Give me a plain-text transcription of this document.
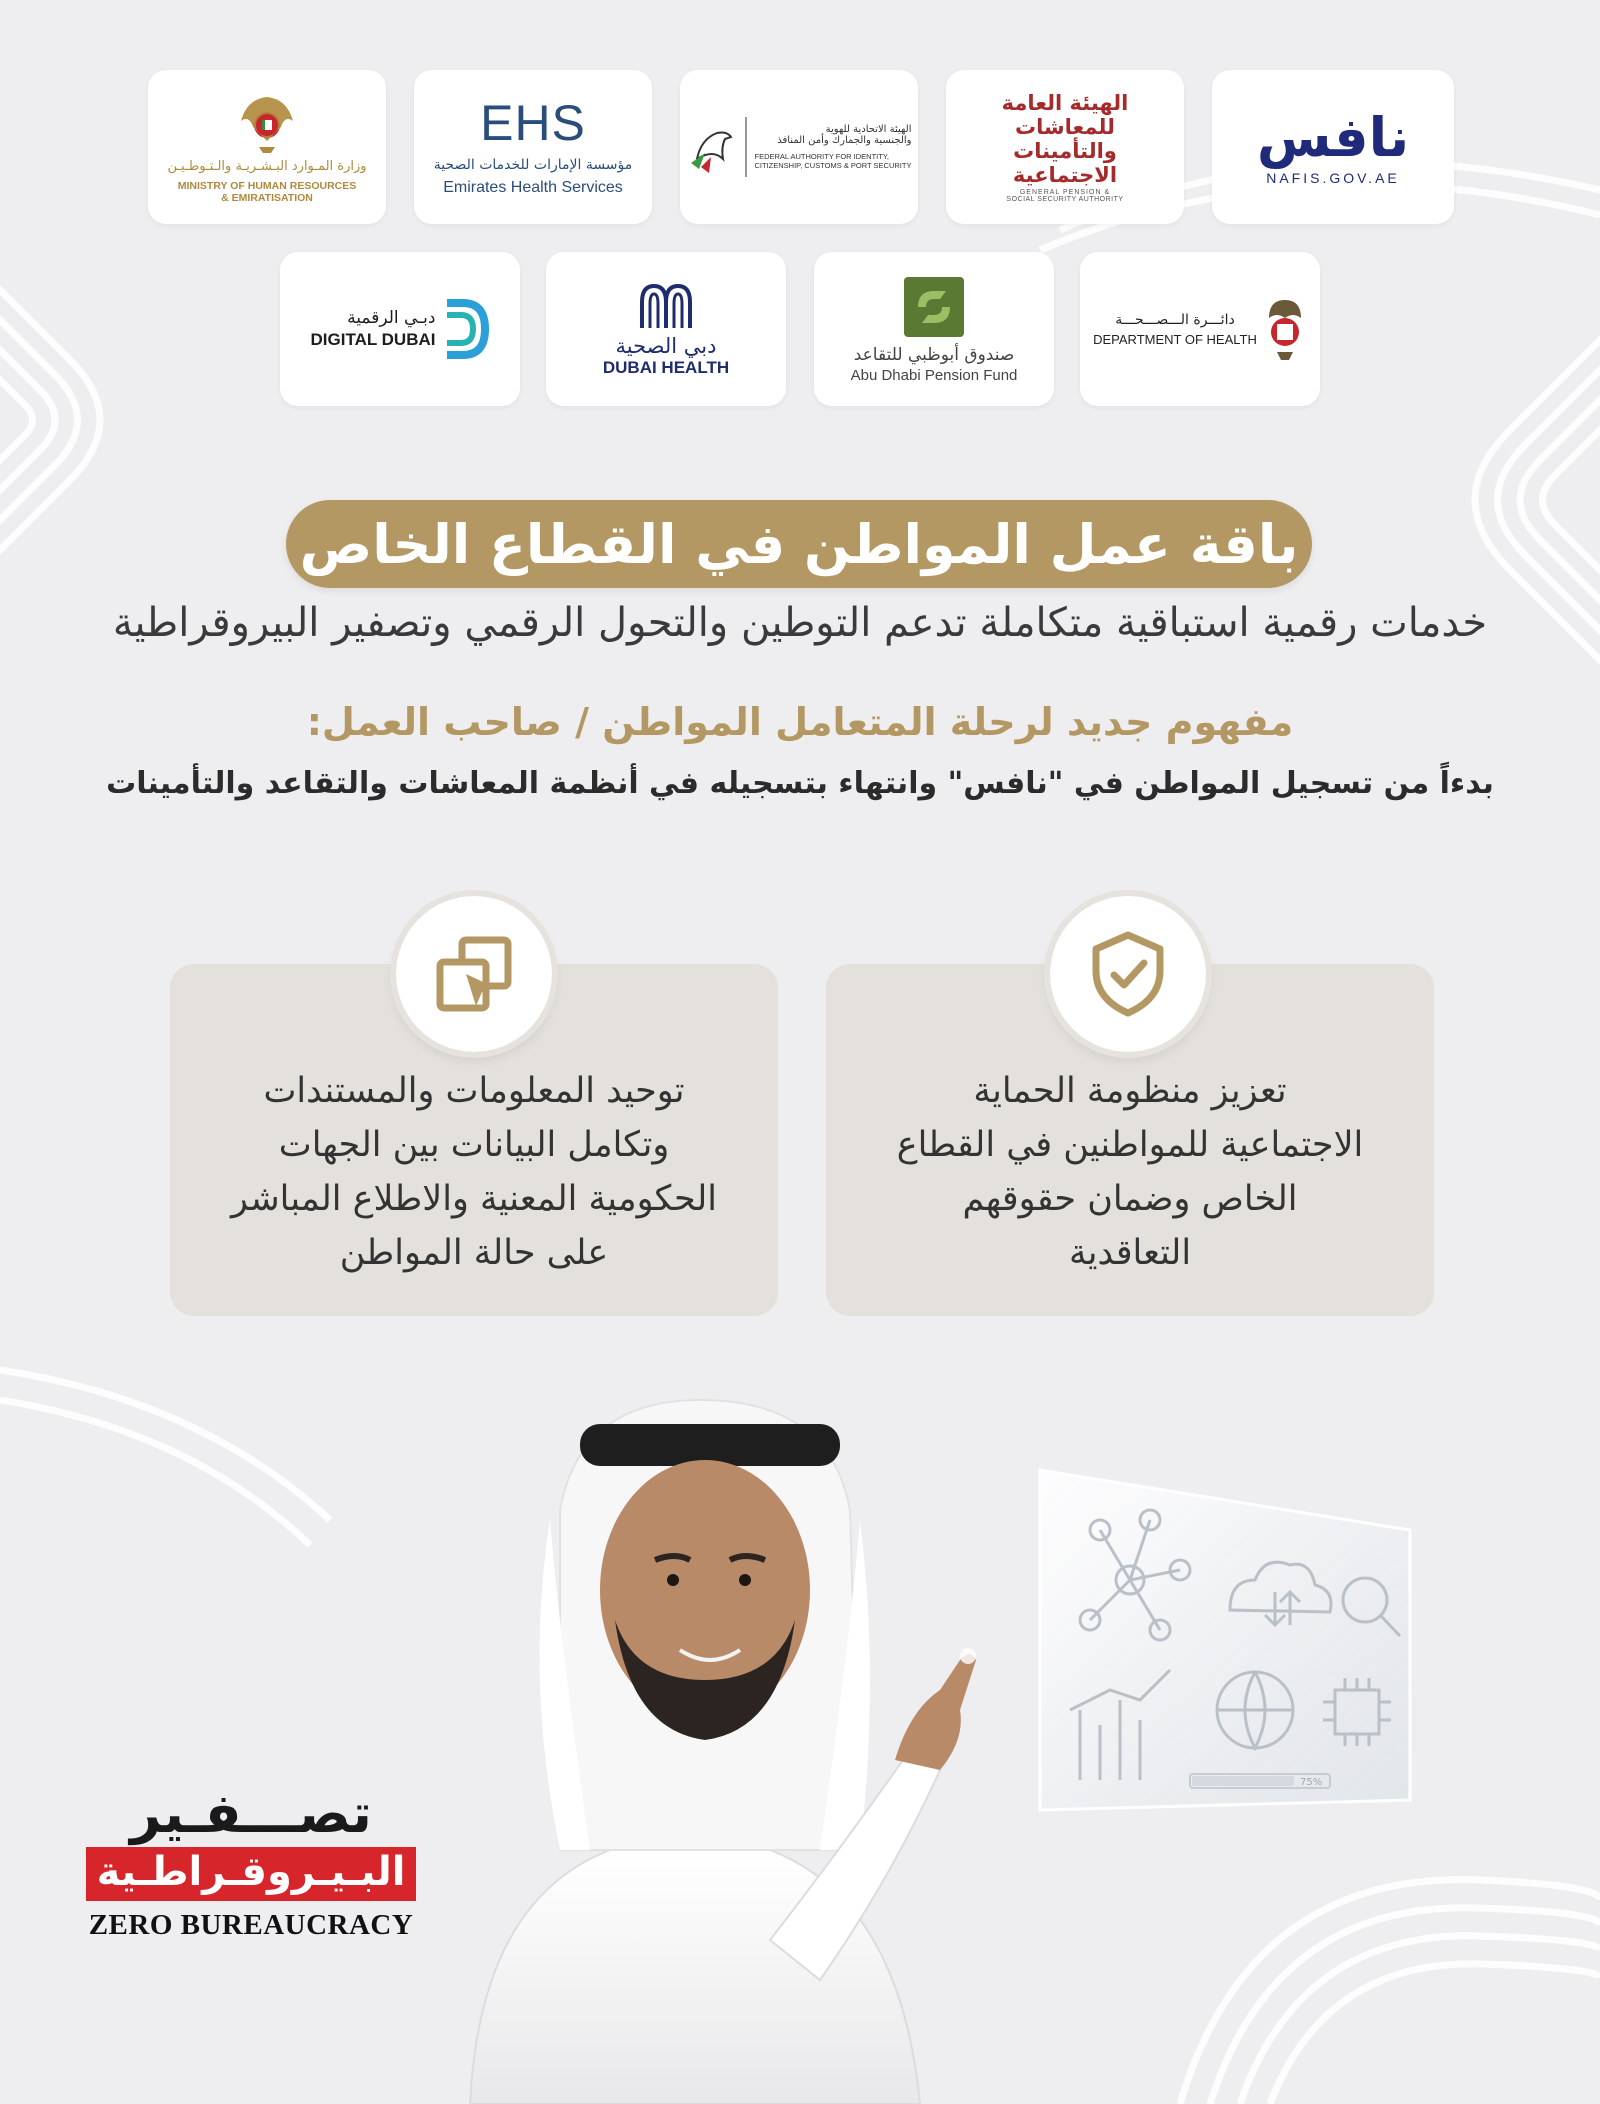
وزارة المـوارد البـشـريـة والـتـوطـيـن
MINISTRY OF HUMAN RESOURCES
& EMIRATISATION
EHS
مؤسسة الإمارات للخدمات الصحية
Emirates Health Services
الهيئة الاتحادية للهوية
والجنسية والجمارك وأمن المنافذ
FEDERAL AUTHORITY FOR IDENTITY,
CITIZENSHIP, CUSTOMS & PORT SECURITY
الهيئة العامة
للمعاشات
والتأمينات
الاجتماعية
GENERAL PENSION &
SOCIAL SECURITY AUTHORITY
نافس
NAFIS.GOV.AE
دبـي الرقمية
DIGITAL DUBAI	دبي الصحية
DUBAI HEALTH
صندوق أبوظبي للتقاعد
Abu Dhabi Pension Fund
دائـــرة الـــصـــحـــة
DEPARTMENT OF HEALTH
باقة عمل المواطن في القطاع الخاص
خدمات رقمية استباقية متكاملة تدعم التوطين والتحول الرقمي وتصفير البيروقراطية
مفهوم جديد لرحلة المتعامل المواطن / صاحب العمل:
بدءاً من تسجيل المواطن في "نافس" وانتهاء بتسجيله في أنظمة المعاشات والتقاعد والتأمينات
تعزيز منظومة الحماية
الاجتماعية للمواطنين في القطاع
الخاص وضمان حقوقهم
التعاقدية
توحيد المعلومات والمستندات
وتكامل البيانات بين الجهات
الحكومية المعنية والاطلاع المباشر
على حالة المواطن
75%
تصـــفـير
البـيـروقـراطـية
ZERO BUREAUCRACY
